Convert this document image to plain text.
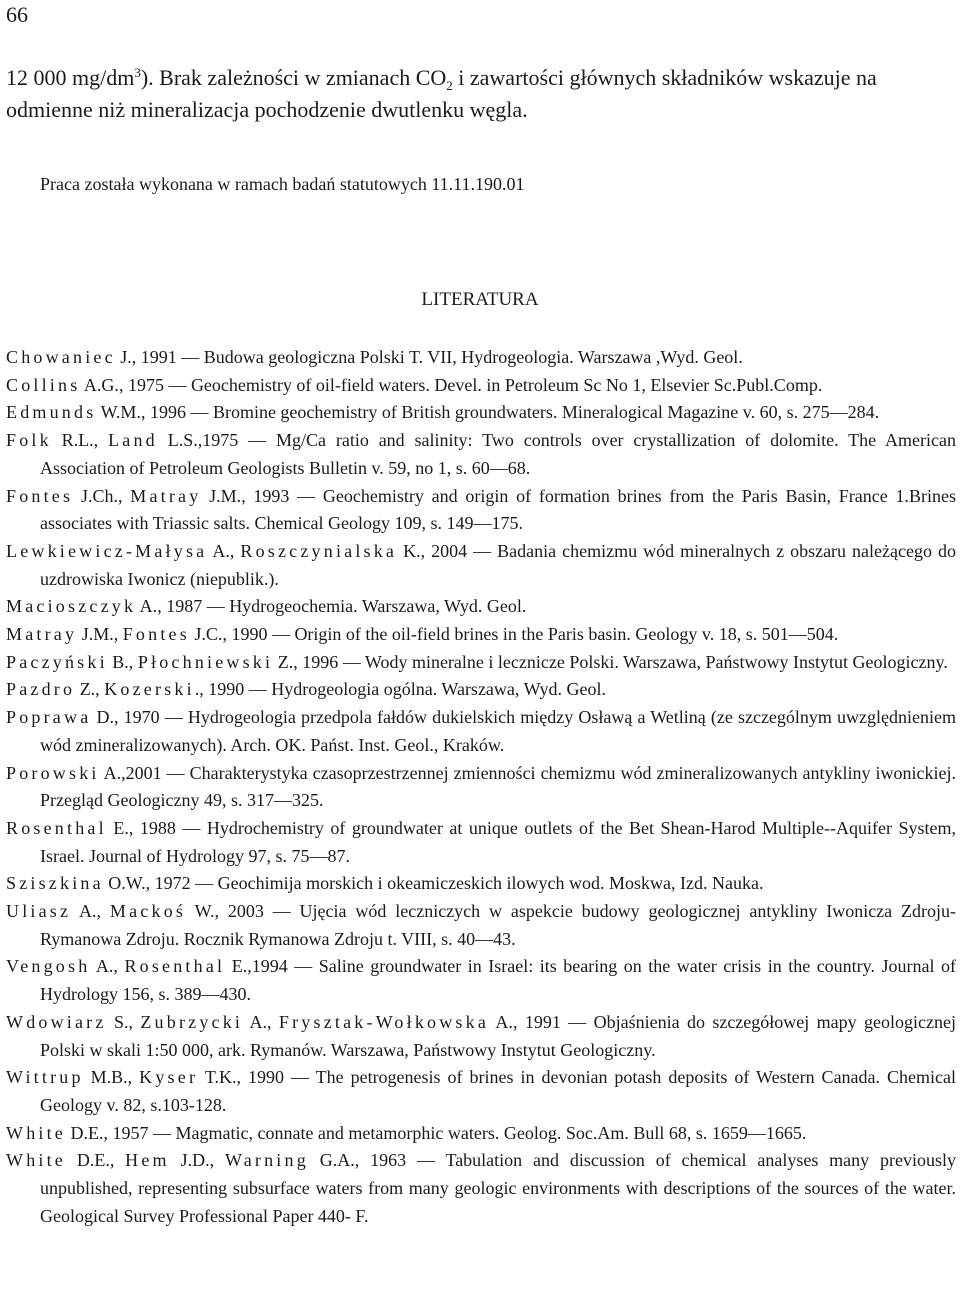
66

12 000 $mg/dm^3$). Brak zależności w zmianach $CO_2$ i zawartości głównych składników wskazuje na odmienne niż mineralizacja pochodzenie dwutlenku węgla.

Praca została wykonana w ramach badań statutowych 11.11.190.01
LITERATURA
Chowaniec J., 1991 — Budowa geologiczna Polski T. VII, Hydrogeologia. Warszawa ,Wyd. Geol.
Collins A.G., 1975 — Geochemistry of oil-field waters. Devel. in Petroleum Sc No 1, Elsevier Sc.Publ.Comp.
Edmunds W.M., 1996 — Bromine geochemistry of British groundwaters. Mineralogical Magazine v. 60, s. 275—284.
Folk R.L., Land L.S.,1975 — Mg/Ca ratio and salinity: Two controls over crystallization of dolomite. The American Association of Petroleum Geologists Bulletin v. 59, no 1, s. 60—68.
Fontes J.Ch., Matray J.M., 1993 — Geochemistry and origin of formation brines from the Paris Basin, France 1.Brines associates with Triassic salts. Chemical Geology 109, s. 149—175.
Lewkiewicz-Małysa A., Roszczynialska K., 2004 — Badania chemizmu wód mineralnych z obszaru należącego do uzdrowiska Iwonicz (niepublik.).
Macioszczyk A., 1987 — Hydrogeochemia. Warszawa, Wyd. Geol.
Matray J.M., Fontes J.C., 1990 — Origin of the oil-field brines in the Paris basin. Geology v. 18, s. 501—504.
Paczyński B., Płochniewski Z., 1996 — Wody mineralne i lecznicze Polski. Warszawa, Państwowy Instytut Geologiczny.
Pazdro Z., Kozerski., 1990 — Hydrogeologia ogólna. Warszawa, Wyd. Geol.
Poprawa D., 1970 — Hydrogeologia przedpola fałdów dukielskich między Osławą a Wetliną (ze szczególnym uwzględnieniem wód zmineralizowanych). Arch. OK. Państ. Inst. Geol., Kraków.
Porowski A.,2001 — Charakterystyka czasoprzestrzennej zmienności chemizmu wód zmineralizowanych antykliny iwonickiej. Przegląd Geologiczny 49, s. 317—325.
Rosenthal E., 1988 — Hydrochemistry of groundwater at unique outlets of the Bet Shean-Harod Multiple--Aquifer System, Israel. Journal of Hydrology 97, s. 75—87.
Sziszkina O.W., 1972 — Geochimija morskich i okeamiczeskich ilowych wod. Moskwa, Izd. Nauka.
Uliasz A., Mackoś W., 2003 — Ujęcia wód leczniczych w aspekcie budowy geologicznej antykliny Iwonicza Zdroju-Rymanowa Zdroju. Rocznik Rymanowa Zdroju t. VIII, s. 40—43.
Vengosh A., Rosenthal E.,1994 — Saline groundwater in Israel: its bearing on the water crisis in the country. Journal of Hydrology 156, s. 389—430.
Wdowiarz S., Zubrzycki A., Frysztak-Wołkowska A., 1991 — Objaśnienia do szczegółowej mapy geologicznej Polski w skali 1:50 000, ark. Rymanów. Warszawa, Państwowy Instytut Geologiczny.
Wittrup M.B., Kyser T.K., 1990 — The petrogenesis of brines in devonian potash deposits of Western Canada. Chemical Geology v. 82, s.103-128.
White D.E., 1957 — Magmatic, connate and metamorphic waters. Geolog. Soc.Am. Bull 68, s. 1659—1665.
White D.E., Hem J.D., Warning G.A., 1963 — Tabulation and discussion of chemical analyses many previously unpublished, representing subsurface waters from many geologic environments with descriptions of the sources of the water. Geological Survey Professional Paper 440- F.
